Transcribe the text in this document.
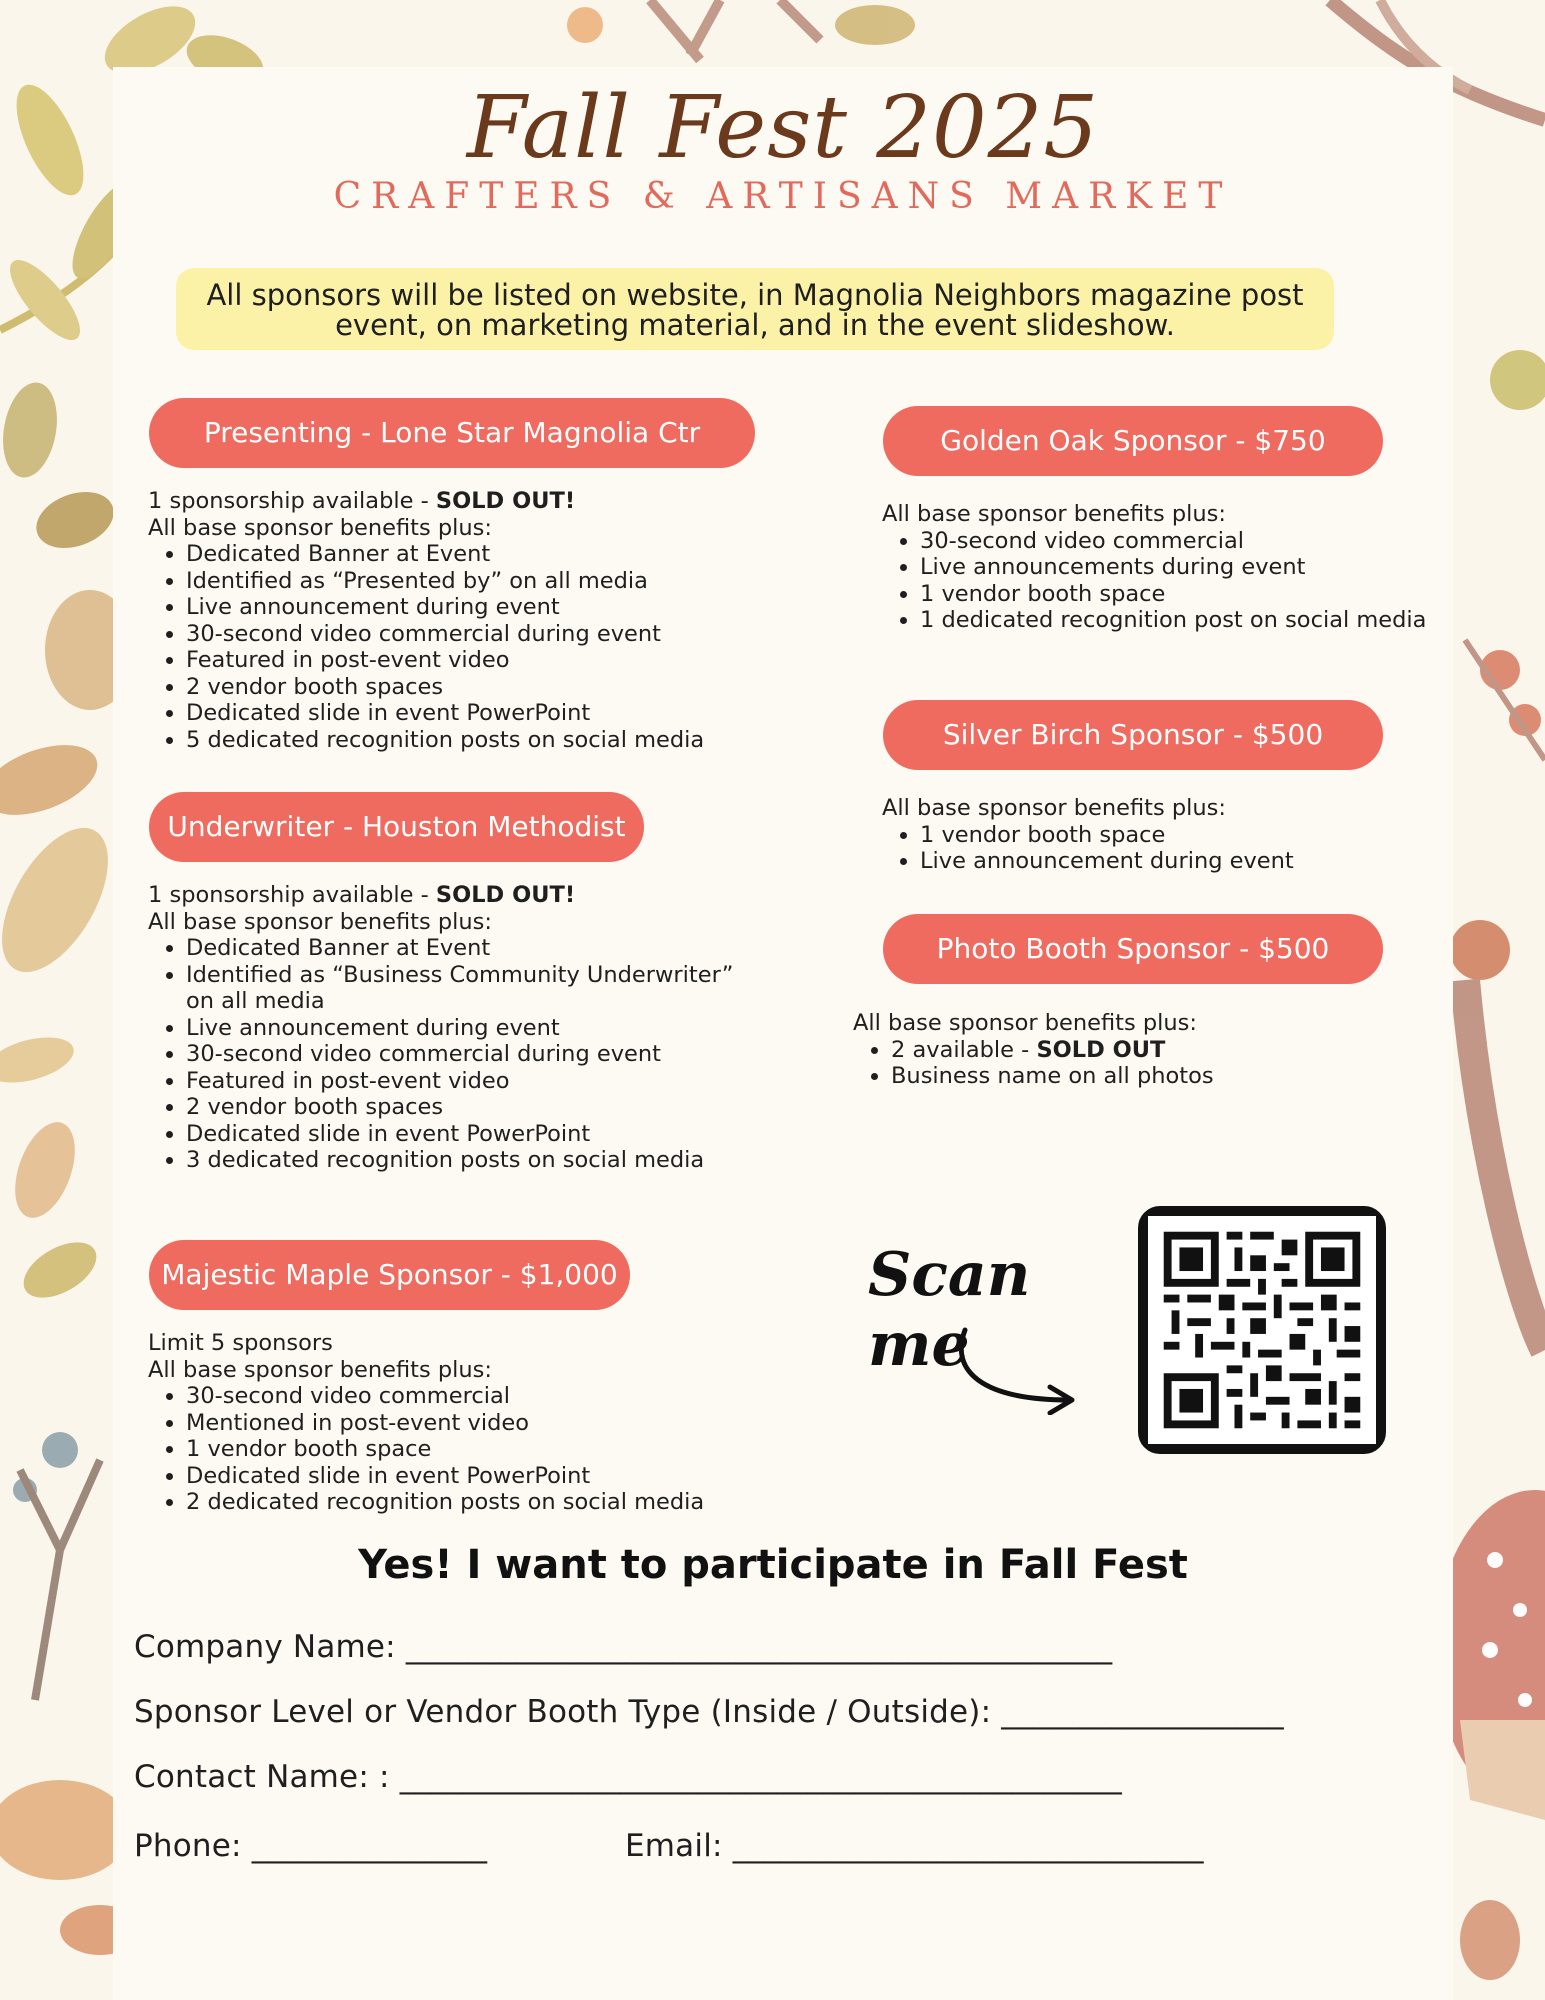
Fall Fest 2025
CRAFTERS & ARTISANS MARKET
All sponsors will be listed on website, in Magnolia Neighbors magazine post
event, on marketing material, and in the event slideshow.
Presenting - Lone Star Magnolia Ctr

1 sponsorship available - SOLD OUT!

All base sponsor benefits plus:

• Dedicated Banner at Event
• Identified as “Presented by” on all media
• Live announcement during event
• 30-second video commercial during event
• Featured in post-event video
• 2 vendor booth spaces
• Dedicated slide in event PowerPoint
• 5 dedicated recognition posts on social media
Underwriter - Houston Methodist

1 sponsorship available - SOLD OUT!

All base sponsor benefits plus:

• Dedicated Banner at Event
• Identified as “Business Community Underwriter” on all media
• Live announcement during event
• 30-second video commercial during event
• Featured in post-event video
• 2 vendor booth spaces
• Dedicated slide in event PowerPoint
• 3 dedicated recognition posts on social media
Majestic Maple Sponsor - $1,000

Limit 5 sponsors

All base sponsor benefits plus:

• 30-second video commercial
• Mentioned in post-event video
• 1 vendor booth space
• Dedicated slide in event PowerPoint
• 2 dedicated recognition posts on social media
Golden Oak Sponsor - $750

All base sponsor benefits plus:

• 30-second video commercial
• Live announcements during event
• 1 vendor booth space
• 1 dedicated recognition post on social media
Silver Birch Sponsor - $500

All base sponsor benefits plus:

• 1 vendor booth space
• Live announcement during event
Photo Booth Sponsor - $500

All base sponsor benefits plus:

• 2 available - SOLD OUT
• Business name on all photos
Scan me
Yes! I want to participate in Fall Fest
Company Name: _____________________________________________
Sponsor Level or Vendor Booth Type (Inside / Outside): __________________
Contact Name: : ______________________________________________
Phone: _______________	Email: ______________________________
